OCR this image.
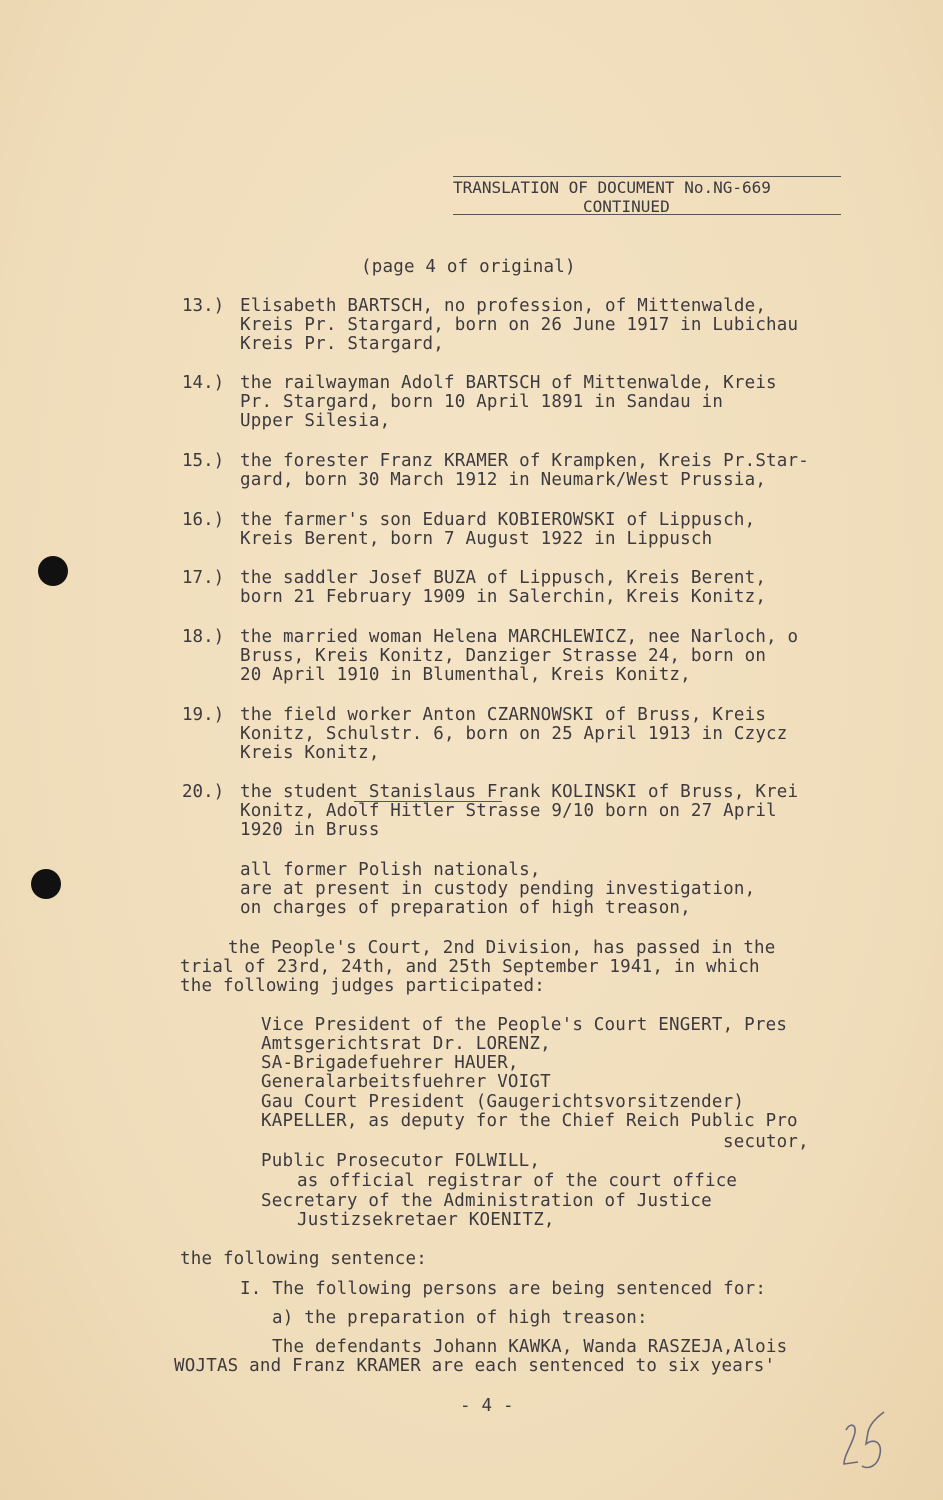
TRANSLATION OF DOCUMENT No.NG-669
CONTINUED
(page 4 of original)
13.) Elisabeth BARTSCH, no profession, of Mittenwalde,
Kreis Pr. Stargard, born on 26 June 1917 in Lubichau
Kreis Pr. Stargard,
14.) the railwayman Adolf BARTSCH of Mittenwalde, Kreis
Pr. Stargard, born 10 April 1891 in Sandau in
Upper Silesia,
15.) the forester Franz KRAMER of Krampken, Kreis Pr.Star-
gard, born 30 March 1912 in Neumark/West Prussia,
16.) the farmer's son Eduard KOBIEROWSKI of Lippusch,
Kreis Berent, born 7 August 1922 in Lippusch
17.) the saddler Josef BUZA of Lippusch, Kreis Berent,
born 21 February 1909 in Salerchin, Kreis Konitz,
18.) the married woman Helena MARCHLEWICZ, nee Narloch, o
Bruss, Kreis Konitz, Danziger Strasse 24, born on
20 April 1910 in Blumenthal, Kreis Konitz,
19.) the field worker Anton CZARNOWSKI of Bruss, Kreis
Konitz, Schulstr. 6, born on 25 April 1913 in Czycz
Kreis Konitz,
20.) the student Stanislaus Frank KOLINSKI of Bruss, Krei
Konitz, Adolf Hitler Strasse 9/10 born on 27 April
1920 in Bruss
all former Polish nationals,
are at present in custody pending investigation,
on charges of preparation of high treason,
the People's Court, 2nd Division, has passed in the
trial of 23rd, 24th, and 25th September 1941, in which
the following judges participated:
Vice President of the People's Court ENGERT, Pres
Amtsgerichtsrat Dr. LORENZ,
SA-Brigadefuehrer HAUER,
Generalarbeitsfuehrer VOIGT
Gau Court President (Gaugerichtsvorsitzender)
KAPELLER, as deputy for the Chief Reich Public Pro
secutor,
Public Prosecutor FOLWILL,
as official registrar of the court office
Secretary of the Administration of Justice
Justizsekretaer KOENITZ,
the following sentence:
I. The following persons are being sentenced for:
a) the preparation of high treason:
The defendants Johann KAWKA, Wanda RASZEJA,Alois
WOJTAS and Franz KRAMER are each sentenced to six years'
- 4 -
